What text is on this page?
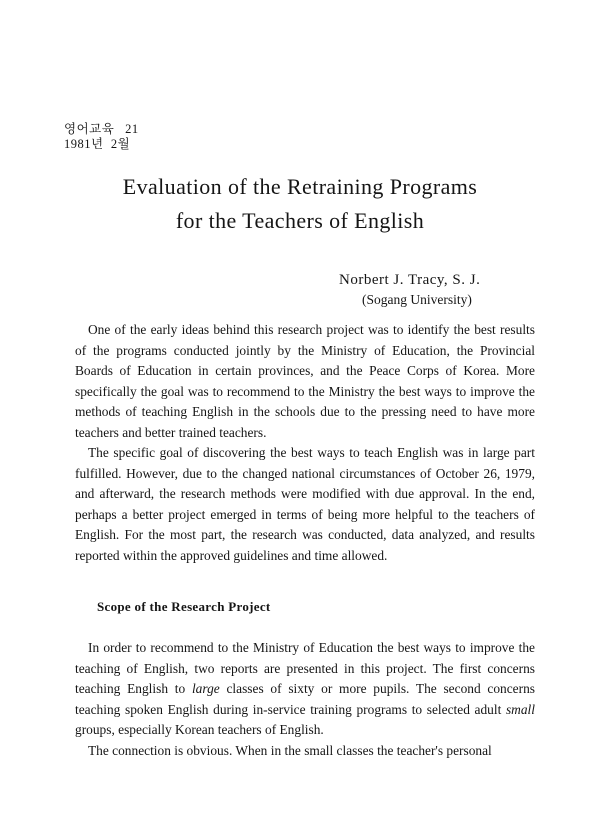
영어교육   21
1981년  2월
Evaluation of the Retraining Programs
for the Teachers of English
Norbert J. Tracy, S. J.
(Sogang University)

One of the early ideas behind this research project was to identify the best results of the programs conducted jointly by the Ministry of Education, the Provincial Boards of Education in certain provinces, and the Peace Corps of Korea. More specifically the goal was to recommend to the Ministry the best ways to improve the methods of teaching English in the schools due to the pressing need to have more teachers and better trained teachers.

The specific goal of discovering the best ways to teach English was in large part fulfilled. However, due to the changed national circumstances of October 26, 1979, and afterward, the research methods were modified with due approval. In the end, perhaps a better project emerged in terms of being more helpful to the teachers of English. For the most part, the research was conducted, data analyzed, and results reported within the approved guidelines and time allowed.

Scope of the Research Project

In order to recommend to the Ministry of Education the best ways to improve the teaching of English, two reports are presented in this project. The first concerns teaching English to large classes of sixty or more pupils. The second concerns teaching spoken English during in-service training programs to selected adult small groups, especially Korean teachers of English.

The connection is obvious. When in the small classes the teacher's personal
